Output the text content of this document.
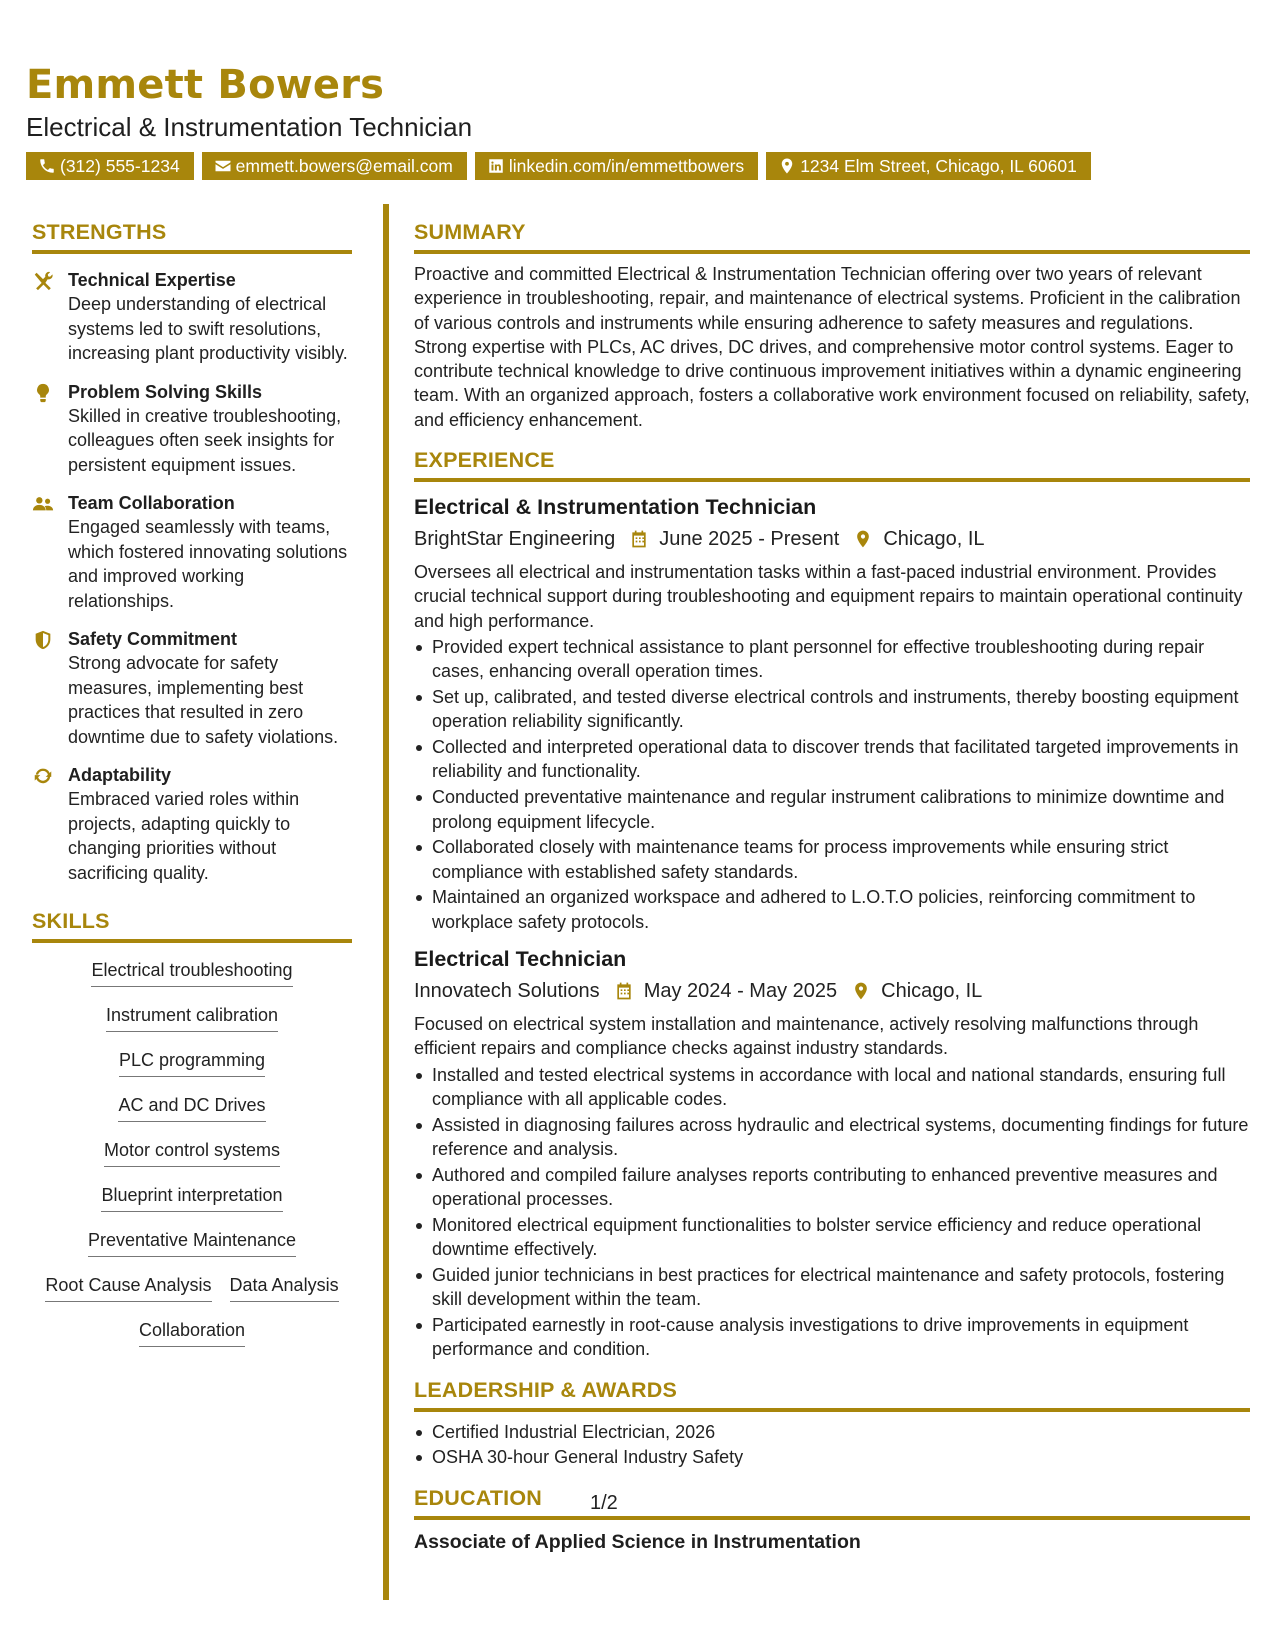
Emmett Bowers
Electrical & Instrumentation Technician
(312) 555-1234	emmett.bowers@email.com	linkedin.com/in/emmettbowers	1234 Elm Street, Chicago, IL 60601
STRENGTHS
Technical Expertise
Deep understanding of electrical systems led to swift resolutions, increasing plant productivity visibly.
Problem Solving Skills
Skilled in creative troubleshooting, colleagues often seek insights for persistent equipment issues.
Team Collaboration
Engaged seamlessly with teams, which fostered innovating solutions and improved working relationships.
Safety Commitment
Strong advocate for safety measures, implementing best practices that resulted in zero downtime due to safety violations.
Adaptability
Embraced varied roles within projects, adapting quickly to changing priorities without sacrificing quality.
SKILLS
Electrical troubleshooting
Instrument calibration
PLC programming
AC and DC Drives
Motor control systems
Blueprint interpretation
Preventative Maintenance
Root Cause Analysis Data Analysis
Collaboration
SUMMARY
Proactive and committed Electrical & Instrumentation Technician offering over two years of relevant experience in troubleshooting, repair, and maintenance of electrical systems. Proficient in the calibration of various controls and instruments while ensuring adherence to safety measures and regulations. Strong expertise with PLCs, AC drives, DC drives, and comprehensive motor control systems. Eager to contribute technical knowledge to drive continuous improvement initiatives within a dynamic engineering team. With an organized approach, fosters a collaborative work environment focused on reliability, safety, and efficiency enhancement.
EXPERIENCE
Electrical & Instrumentation Technician
BrightStar Engineering June 2025 - Present Chicago, IL
Oversees all electrical and instrumentation tasks within a fast-paced industrial environment. Provides crucial technical support during troubleshooting and equipment repairs to maintain operational continuity and high performance.
Provided expert technical assistance to plant personnel for effective troubleshooting during repair cases, enhancing overall operation times.
Set up, calibrated, and tested diverse electrical controls and instruments, thereby boosting equipment operation reliability significantly.
Collected and interpreted operational data to discover trends that facilitated targeted improvements in reliability and functionality.
Conducted preventative maintenance and regular instrument calibrations to minimize downtime and prolong equipment lifecycle.
Collaborated closely with maintenance teams for process improvements while ensuring strict compliance with established safety standards.
Maintained an organized workspace and adhered to L.O.T.O policies, reinforcing commitment to workplace safety protocols.
Electrical Technician
Innovatech Solutions May 2024 - May 2025 Chicago, IL
Focused on electrical system installation and maintenance, actively resolving malfunctions through efficient repairs and compliance checks against industry standards.
Installed and tested electrical systems in accordance with local and national standards, ensuring full compliance with all applicable codes.
Assisted in diagnosing failures across hydraulic and electrical systems, documenting findings for future reference and analysis.
Authored and compiled failure analyses reports contributing to enhanced preventive measures and operational processes.
Monitored electrical equipment functionalities to bolster service efficiency and reduce operational downtime effectively.
Guided junior technicians in best practices for electrical maintenance and safety protocols, fostering skill development within the team.
Participated earnestly in root-cause analysis investigations to drive improvements in equipment performance and condition.
LEADERSHIP & AWARDS
Certified Industrial Electrician, 2026
OSHA 30-hour General Industry Safety
EDUCATION
Associate of Applied Science in Instrumentation
1/2
